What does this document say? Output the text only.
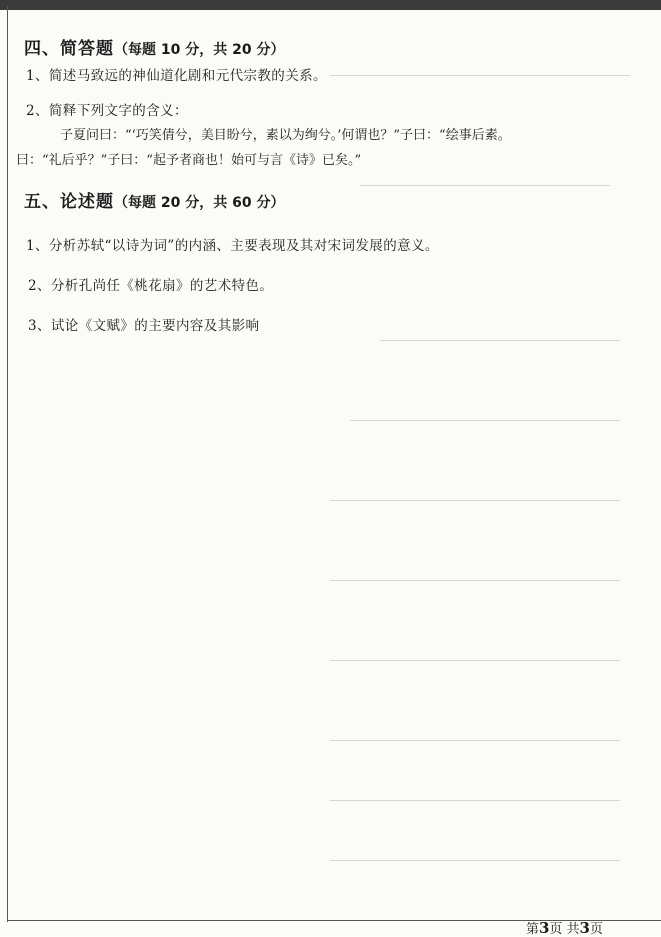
四、简答题（每题 10 分，共 20 分）
1、简述马致远的神仙道化剧和元代宗教的关系。
2、简释下列文字的含义：
子夏问曰：“‘巧笑倩兮，美目盼兮，素以为绚兮。’何谓也？”子曰：“绘事后素。
曰：“礼后乎？”子曰：“起予者商也！始可与言《诗》已矣。”
五、论述题（每题 20 分，共 60 分）
1、分析苏轼“以诗为词”的内涵、主要表现及其对宋词发展的意义。
2、分析孔尚任《桃花扇》的艺术特色。
3、试论《文赋》的主要内容及其影响
第3页 共3页
